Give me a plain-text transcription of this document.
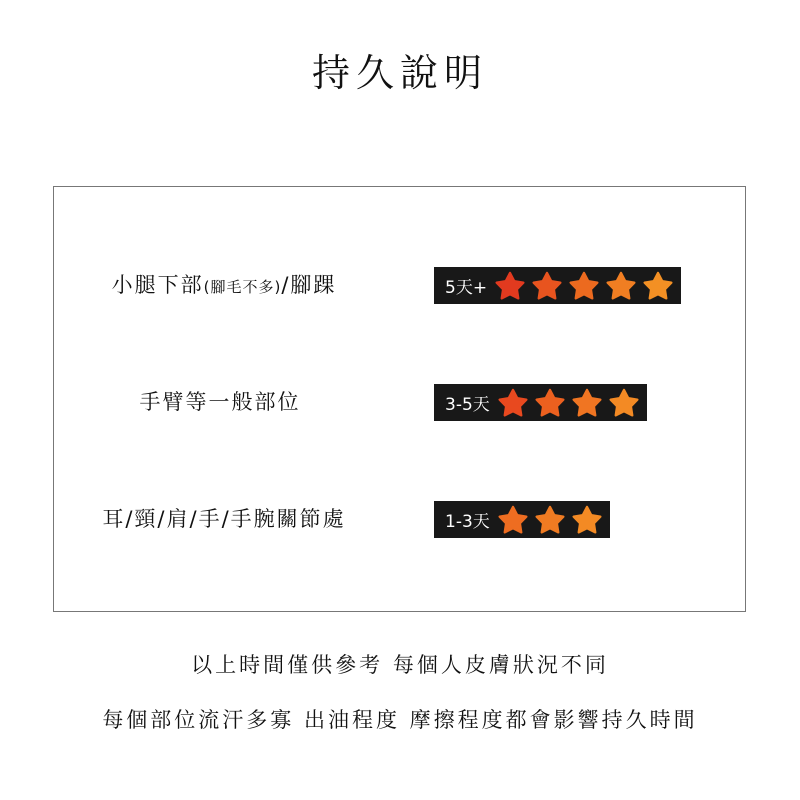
持久說明
小腿下部(腳毛不多)/腳踝	5天+
手臂等一般部位	3-5天
耳/頸/肩/手/手腕關節處	1-3天
以上時間僅供參考 每個人皮膚狀況不同
每個部位流汗多寡 出油程度 摩擦程度都會影響持久時間
